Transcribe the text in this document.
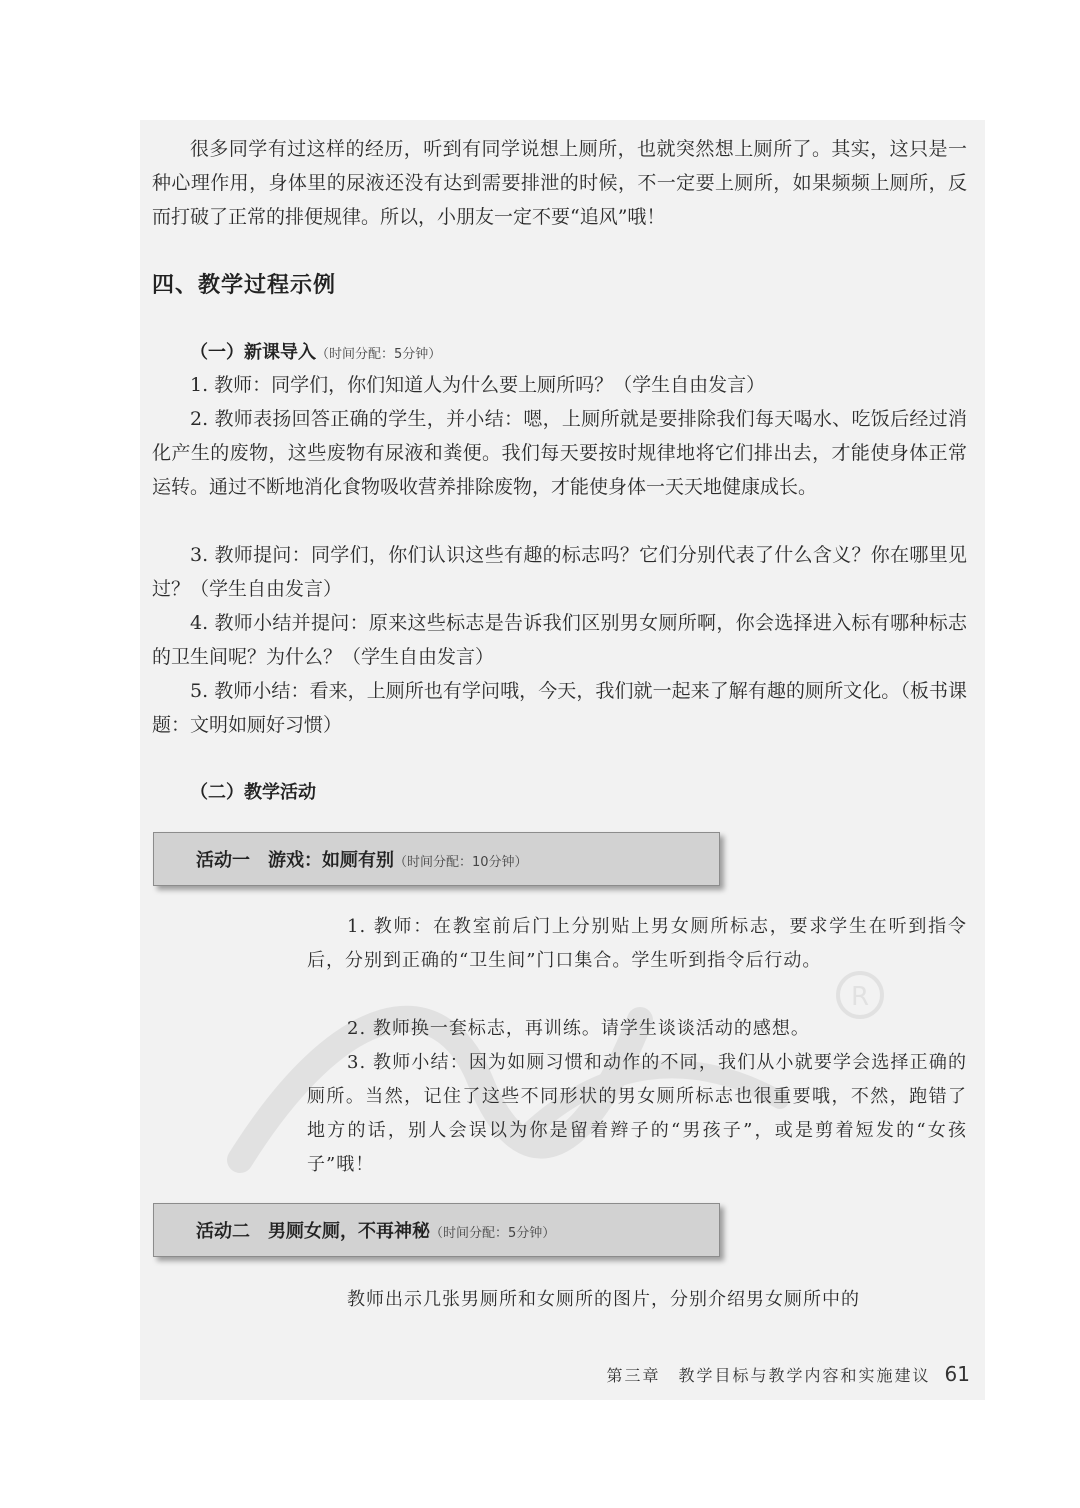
R

很多同学有过这样的经历，听到有同学说想上厕所，也就突然想上厕所了。其实，这只是一种心理作用，身体里的尿液还没有达到需要排泄的时候，不一定要上厕所，如果频频上厕所，反而打破了正常的排便规律。所以，小朋友一定不要“追风”哦！

四、教学过程示例

（一）新课导入（时间分配：5分钟）

1. 教师：同学们，你们知道人为什么要上厕所吗？（学生自由发言）

2. 教师表扬回答正确的学生，并小结：嗯，上厕所就是要排除我们每天喝水、吃饭后经过消化产生的废物，这些废物有尿液和粪便。我们每天要按时规律地将它们排出去，才能使身体正常运转。通过不断地消化食物吸收营养排除废物，才能使身体一天天地健康成长。

3. 教师提问：同学们，你们认识这些有趣的标志吗？它们分别代表了什么含义？你在哪里见过？（学生自由发言）

4. 教师小结并提问：原来这些标志是告诉我们区别男女厕所啊，你会选择进入标有哪种标志的卫生间呢？为什么？（学生自由发言）

5. 教师小结：看来，上厕所也有学问哦，今天，我们就一起来了解有趣的厕所文化。（板书课题：文明如厕好习惯）

（二）教学活动

活动一　游戏：如厕有别（时间分配：10分钟）

1. 教师：在教室前后门上分别贴上男女厕所标志，要求学生在听到指令后，分别到正确的“卫生间”门口集合。学生听到指令后行动。

2. 教师换一套标志，再训练。请学生谈谈活动的感想。

3. 教师小结：因为如厕习惯和动作的不同，我们从小就要学会选择正确的厕所。当然，记住了这些不同形状的男女厕所标志也很重要哦，不然，跑错了地方的话，别人会误以为你是留着辫子的“男孩子”，或是剪着短发的“女孩子”哦！

活动二　男厕女厕，不再神秘（时间分配：5分钟）

教师出示几张男厕所和女厕所的图片，分别介绍男女厕所中的

第三章　教学目标与教学内容和实施建议 61
